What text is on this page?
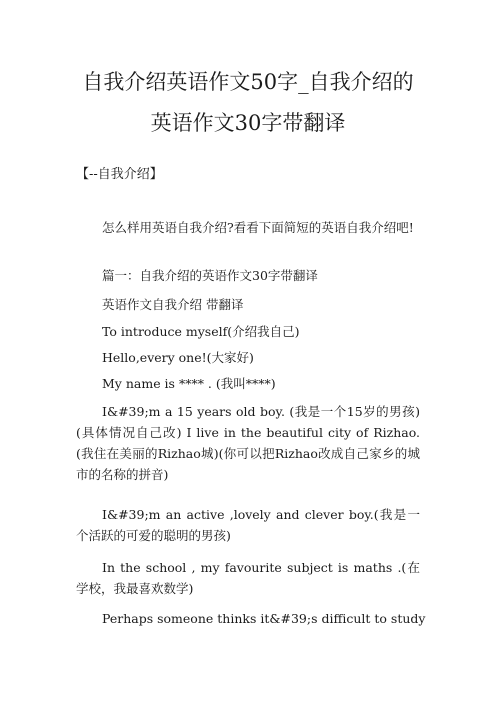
自我介绍英语作文50字_自我介绍的
英语作文30字带翻译
【--自我介绍】
怎么样用英语自我介绍?看看下面简短的英语自我介绍吧!
篇一：自我介绍的英语作文30字带翻译
英语作文自我介绍 带翻译
To introduce myself(介绍我自己)
Hello,every one!(大家好)
My name is **** . (我叫****)
I&#39;m a 15 years old boy. (我是一个15岁的男孩)(具体情况自己改) I live in the beautiful city of Rizhao.(我住在美丽的Rizhao城)(你可以把Rizhao改成自己家乡的城市的名称的拼音)
I&#39;m an active ,lovely and clever boy.(我是一个活跃的可爱的聪明的男孩)
In the school , my favourite subject is maths .(在学校，我最喜欢数学)
Perhaps someone thinks it&#39;s difficult to study
